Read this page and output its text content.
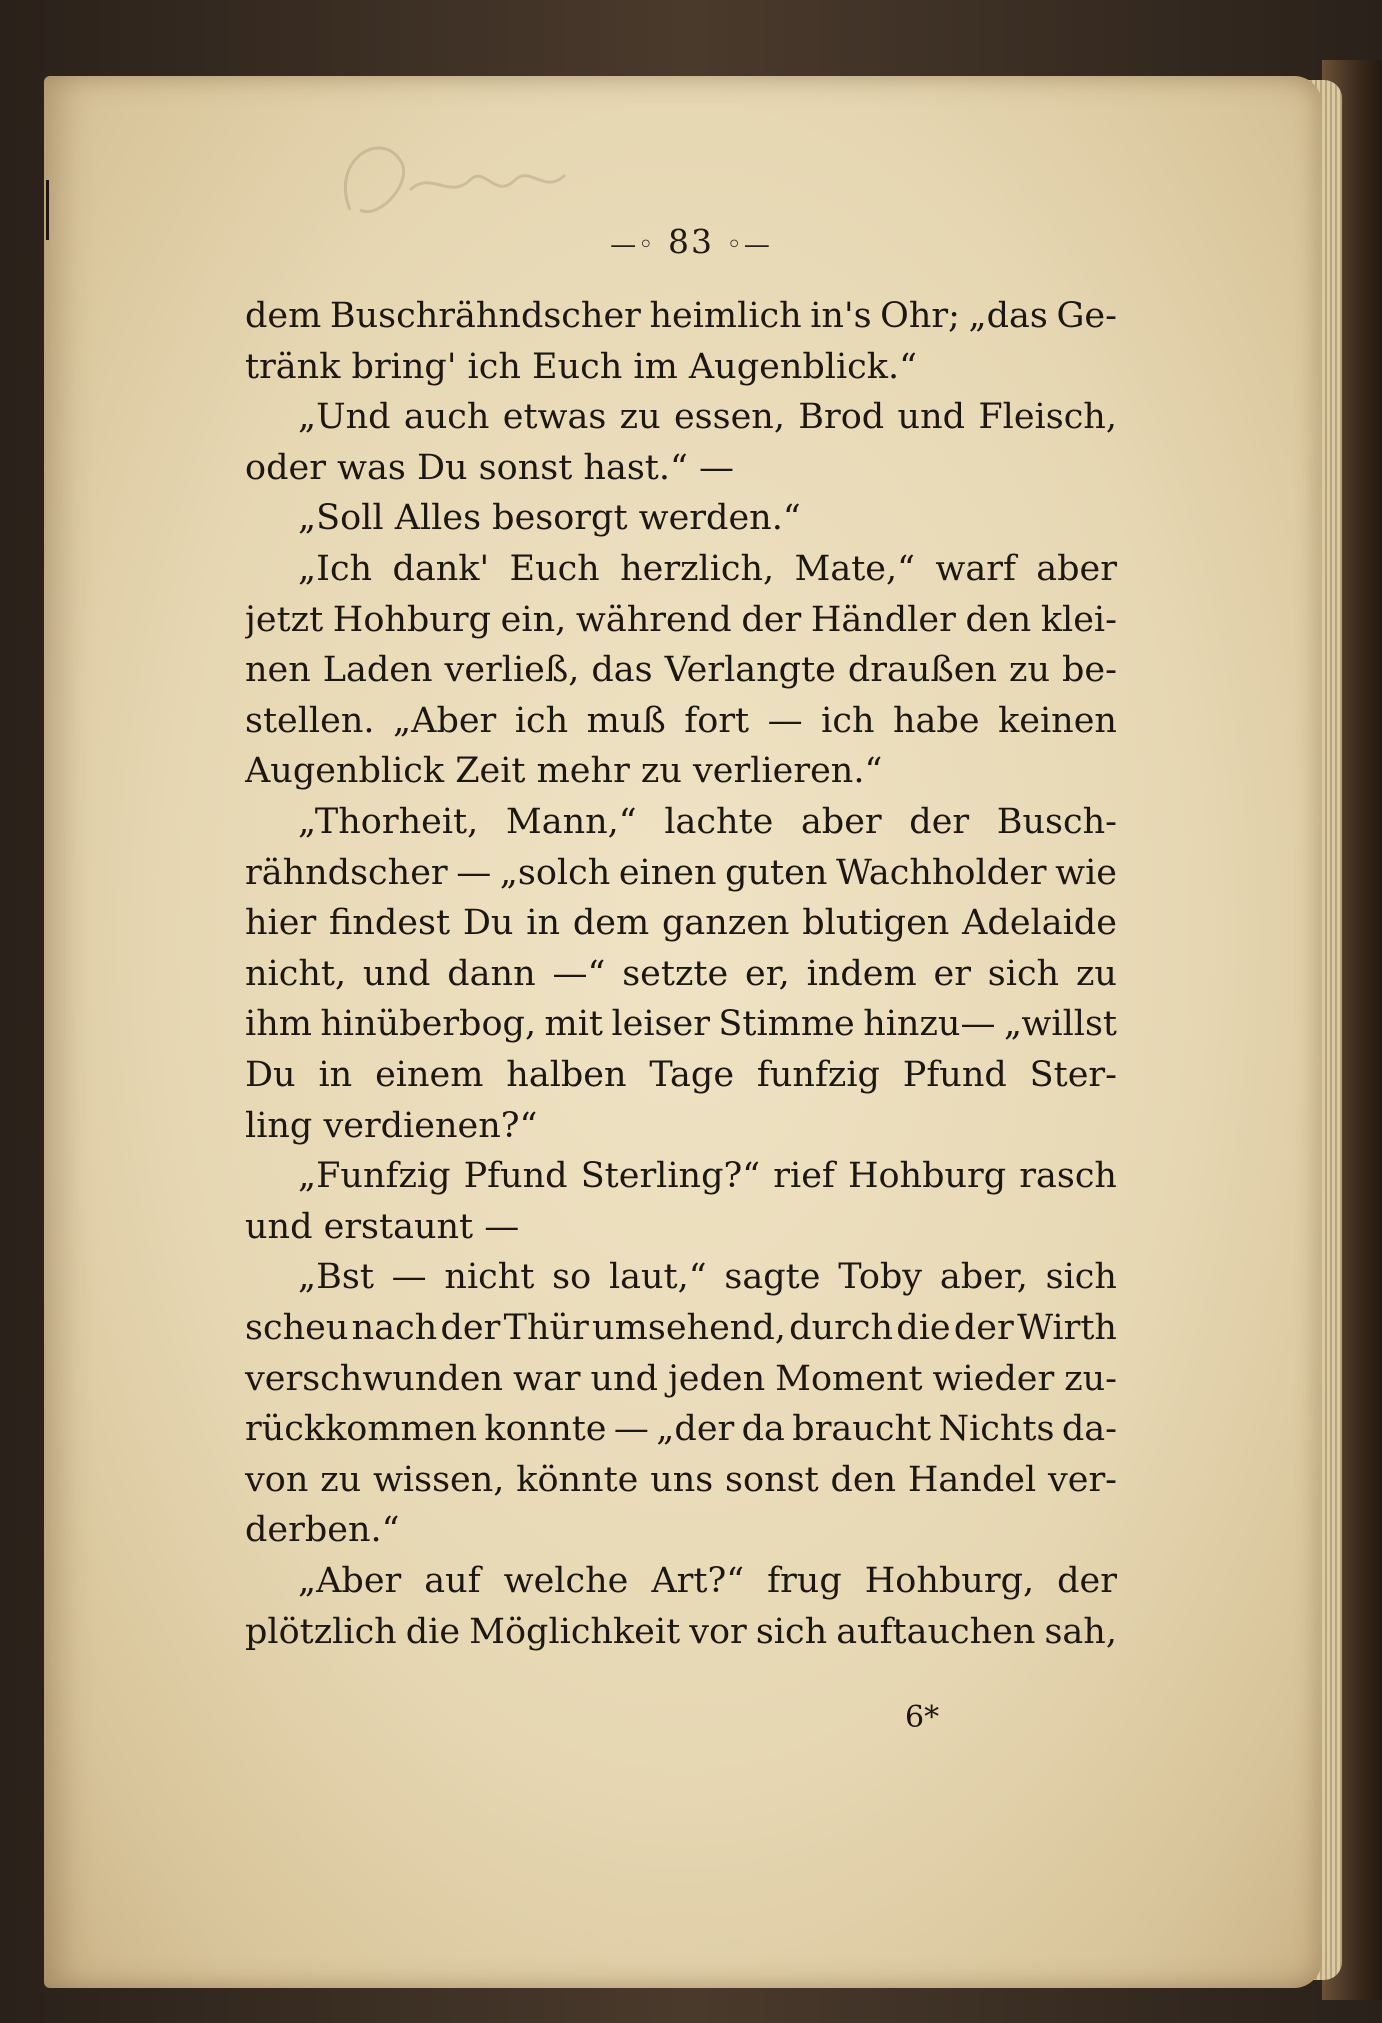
—◦ 83 ◦—
dem Buschrähndscher heimlich in's Ohr; „das Ge-
tränk bring' ich Euch im Augenblick.“
„Und auch etwas zu essen, Brod und Fleisch,
oder was Du sonst hast.“ —
„Soll Alles besorgt werden.“
„Ich dank' Euch herzlich, Mate,“ warf aber
jetzt Hohburg ein, während der Händler den klei-
nen Laden verließ, das Verlangte draußen zu be-
stellen. „Aber ich muß fort — ich habe keinen
Augenblick Zeit mehr zu verlieren.“
„Thorheit, Mann,“ lachte aber der Busch-
rähndscher — „solch einen guten Wachholder wie
hier findest Du in dem ganzen blutigen Adelaide
nicht, und dann —“ setzte er, indem er sich zu
ihm hinüberbog, mit leiser Stimme hinzu— „willst
Du in einem halben Tage funfzig Pfund Ster-
ling verdienen?“
„Funfzig Pfund Sterling?“ rief Hohburg rasch
und erstaunt —
„Bst — nicht so laut,“ sagte Toby aber, sich
scheu nach der Thür umsehend, durch die der Wirth
verschwunden war und jeden Moment wieder zu-
rückkommen konnte — „der da braucht Nichts da-
von zu wissen, könnte uns sonst den Handel ver-
derben.“
„Aber auf welche Art?“ frug Hohburg, der
plötzlich die Möglichkeit vor sich auftauchen sah,
6*
